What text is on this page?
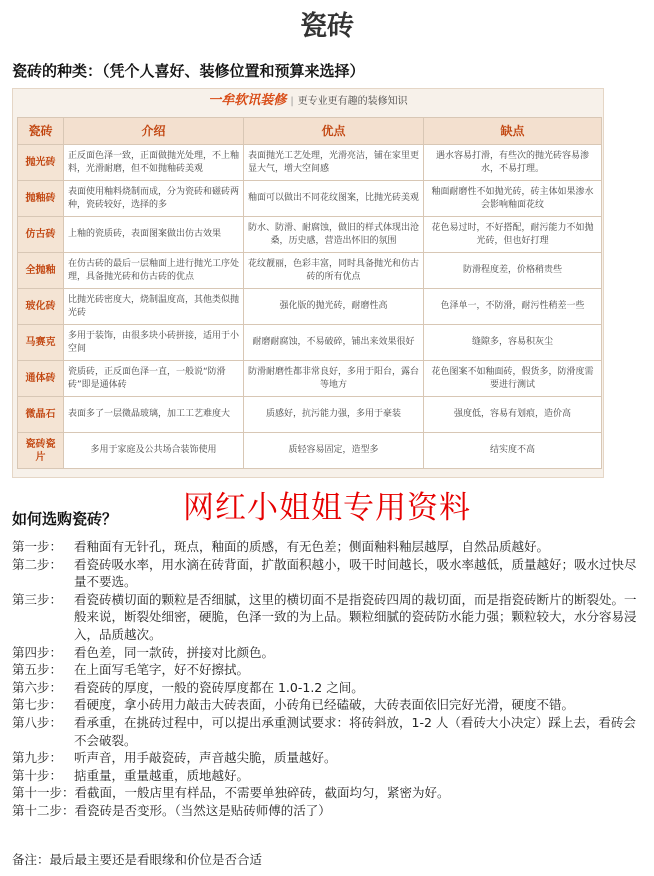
瓷砖
瓷砖的种类：（凭个人喜好、装修位置和预算来选择）
一牟软讯装修 | 更专业更有趣的装修知识
瓷砖	介绍	优点	缺点
抛光砖	正反面色泽一致，正面做抛光处理，不上釉料，光滑耐磨，但不如抛釉砖美观	表面抛光工艺处理，光滑亮洁，铺在家里更显大气，增大空间感	遇水容易打滑，有些次的抛光砖容易渗水，不易打理。
抛釉砖	表面使用釉料烧制而成，分为瓷砖和磁砖两种，瓷砖较好，选择的多	釉面可以做出不同花纹图案，比抛光砖美观	釉面耐磨性不如抛光砖，砖主体如果渗水会影响釉面花纹
仿古砖	上釉的瓷质砖，表面图案做出仿古效果	防水、防滑、耐腐蚀，做旧的样式体现出沧桑，历史感，营造出怀旧的氛围	花色易过时，不好搭配，耐污能力不如抛光砖，但也好打理
全抛釉	在仿古砖的最后一层釉面上进行抛光工序处理，具备抛光砖和仿古砖的优点	花纹靓丽，色彩丰富，同时具备抛光和仿古砖的所有优点	防滑程度差，价格稍贵些
玻化砖	比抛光砖密度大，烧制温度高，其他类似抛光砖	强化版的抛光砖，耐磨性高	色泽单一，不防滑，耐污性稍差一些
马赛克	多用于装饰，由很多块小砖拼接，适用于小空间	耐磨耐腐蚀，不易破碎，铺出来效果很好	缝隙多，容易积灰尘
通体砖	瓷质砖，正反面色泽一直，一般说“防滑砖”即是通体砖	防滑耐磨性都非常良好，多用于阳台，露台等地方	花色图案不如釉面砖，假货多，防滑度需要进行测试
微晶石	表面多了一层微晶玻璃，加工工艺难度大	质感好，抗污能力强，多用于豪装	强度低，容易有划痕，造价高
瓷砖瓷片	多用于家庭及公共场合装饰使用	质轻容易固定，造型多	结实度不高
网红小姐姐专用资料
如何选购瓷砖？
第一步： 看釉面有无针孔，斑点，釉面的质感，有无色差；侧面釉料釉层越厚，自然品质越好。
第二步： 看瓷砖吸水率，用水滴在砖背面，扩散面积越小，吸干时间越长，吸水率越低，质量越好；吸水过快尽量不要选。
第三步： 看瓷砖横切面的颗粒是否细腻，这里的横切面不是指瓷砖四周的裁切面，而是指瓷砖断片的断裂处。一般来说，断裂处细密，硬脆，色泽一致的为上品。颗粒细腻的瓷砖防水能力强；颗粒较大，水分容易浸入，品质越次。
第四步： 看色差，同一款砖，拼接对比颜色。
第五步： 在上面写毛笔字，好不好擦拭。
第六步： 看瓷砖的厚度，一般的瓷砖厚度都在 1.0-1.2 之间。
第七步： 看硬度，拿小砖用力敲击大砖表面，小砖角已经磕破，大砖表面依旧完好光滑，硬度不错。
第八步： 看承重，在挑砖过程中，可以提出承重测试要求：将砖斜放，1-2 人（看砖大小决定）踩上去，看砖会不会破裂。
第九步： 听声音，用手敲瓷砖，声音越尖脆，质量越好。
第十步： 掂重量，重量越重，质地越好。
第十一步： 看截面，一般店里有样品，不需要单独碎砖，截面均匀，紧密为好。
第十二步： 看瓷砖是否变形。（当然这是贴砖师傅的活了）
备注：最后最主要还是看眼缘和价位是否合适
